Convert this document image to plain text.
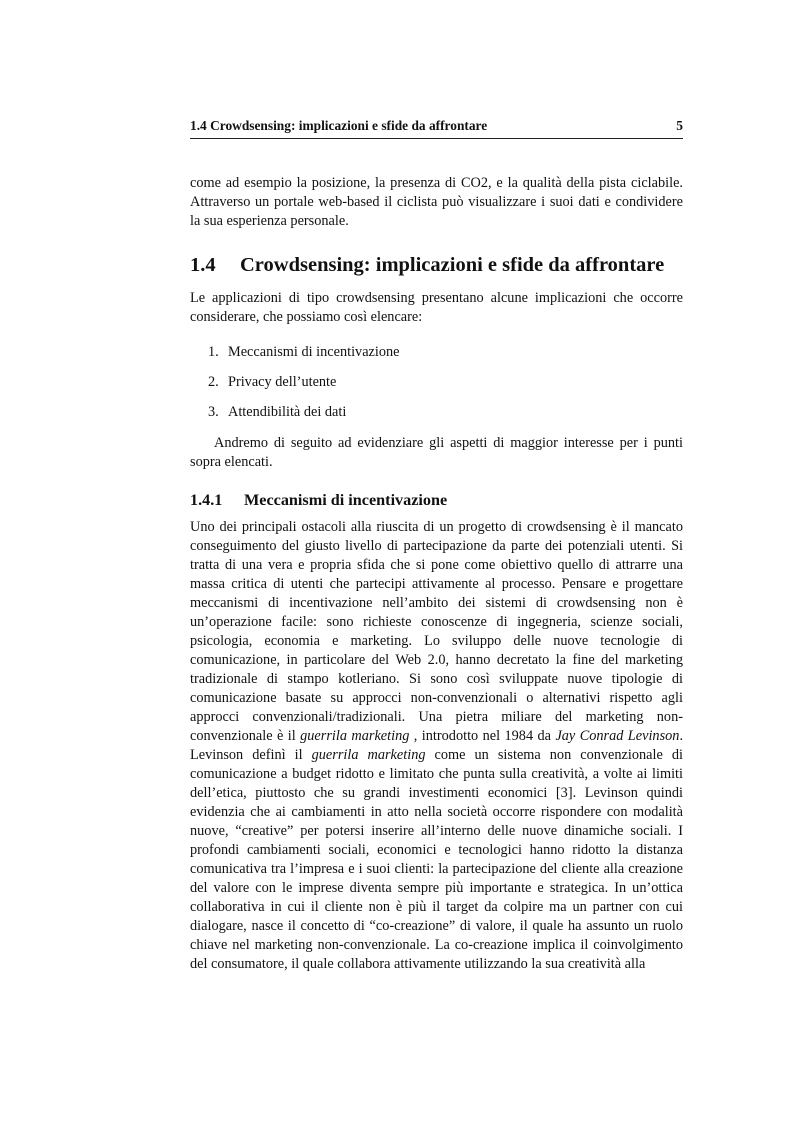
1.4 Crowdsensing: implicazioni e sfide da affrontare	5

come ad esempio la posizione, la presenza di CO2, e la qualità della pista ciclabile. Attraverso un portale web-based il ciclista può visualizzare i suoi dati e condividere la sua esperienza personale.

1.4	Crowdsensing: implicazioni e sfide da affrontare

Le applicazioni di tipo crowdsensing presentano alcune implicazioni che occorre considerare, che possiamo così elencare:

1. Meccanismi di incentivazione
2. Privacy dell’utente
3. Attendibilità dei dati

Andremo di seguito ad evidenziare gli aspetti di maggior interesse per i punti sopra elencati.

1.4.1	Meccanismi di incentivazione

Uno dei principali ostacoli alla riuscita di un progetto di crowdsensing è il mancato conseguimento del giusto livello di partecipazione da parte dei potenziali utenti. Si tratta di una vera e propria sfida che si pone come obiettivo quello di attrarre una massa critica di utenti che partecipi attivamente al processo. Pensare e progettare meccanismi di incentivazione nell’ambito dei sistemi di crowdsensing non è un’operazione facile: sono richieste conoscenze di ingegneria, scienze sociali, psicologia, economia e marketing. Lo sviluppo delle nuove tecnologie di comunicazione, in particolare del Web 2.0, hanno decretato la fine del marketing tradizionale di stampo kotleriano. Si sono così sviluppate nuove tipologie di comunicazione basate su approcci non-convenzionali o alternativi rispetto agli approcci convenzionali/tradizionali. Una pietra miliare del marketing non-convenzionale è il guerrila marketing , introdotto nel 1984 da Jay Conrad Levinson. Levinson definì il guerrila marketing come un sistema non convenzionale di comunicazione a budget ridotto e limitato che punta sulla creatività, a volte ai limiti dell’etica, piuttosto che su grandi investimenti economici [3]. Levinson quindi evidenzia che ai cambiamenti in atto nella società occorre rispondere con modalità nuove, “creative” per potersi inserire all’interno delle nuove dinamiche sociali. I profondi cambiamenti sociali, economici e tecnologici hanno ridotto la distanza comunicativa tra l’impresa e i suoi clienti: la partecipazione del cliente alla creazione del valore con le imprese diventa sempre più importante e strategica. In un’ottica collaborativa in cui il cliente non è più il target da colpire ma un partner con cui dialogare, nasce il concetto di “co-creazione” di valore, il quale ha assunto un ruolo chiave nel marketing non-convenzionale. La co-creazione implica il coinvolgimento del consumatore, il quale collabora attivamente utilizzando la sua creatività alla
